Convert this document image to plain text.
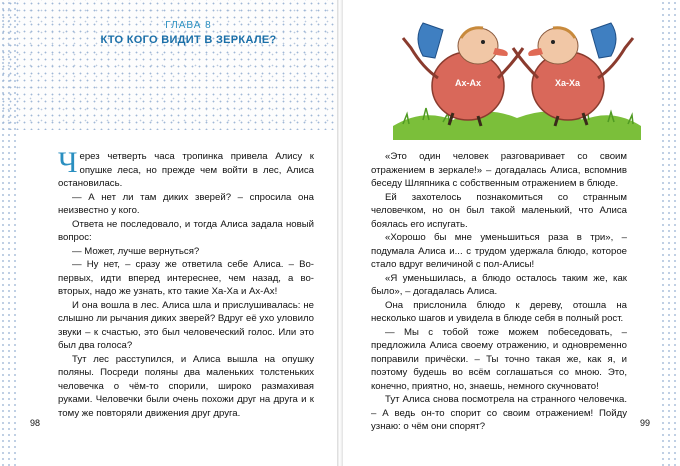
ГЛАВА 8
КТО КОГО ВИДИТ В ЗЕРКАЛЕ?

Через четверть часа тропинка привела Алису к опушке леса, но прежде чем войти в лес, Алиса остановилась.

— А нет ли там диких зверей? – спросила она неизвестно у кого.

Ответа не последовало, и тогда Алиса задала новый вопрос:

— Может, лучше вернуться?

— Ну нет, – сразу же ответила себе Алиса. – Во-первых, идти вперед интереснее, чем назад, а во-вторых, надо же узнать, кто такие Ха-Ха и Ах-Ах!

И она вошла в лес. Алиса шла и прислушивалась: не слышно ли рычания диких зверей? Вдруг её ухо уловило звуки – к счастью, это был человеческий голос. Или это был два голоса?

Тут лес расступился, и Алиса вышла на опушку поляны. Посреди поляны два маленьких толстеньких человечка о чём-то спорили, широко размахивая руками. Человечки были очень похожи друг на друга и к тому же повторяли движения друг друга.

98
Ах-Ах	Ха-Ха

«Это один человек разговаривает со своим отражением в зеркале!» – догадалась Алиса, вспомнив беседу Шляпника с собственным отражением в блюде.

Ей захотелось познакомиться со странным человечком, но он был такой маленький, что Алиса боялась его испугать.

«Хорошо бы мне уменьшиться раза в три», – подумала Алиса и... с трудом удержала блюдо, которое стало вдруг величиной с пол-Алисы!

«Я уменьшилась, а блюдо осталось таким же, как было», – догадалась Алиса.

Она прислонила блюдо к дереву, отошла на несколько шагов и увидела в блюде себя в полный рост.

— Мы с тобой тоже можем побеседовать, – предложила Алиса своему отражению, и одновременно поправили причёски. – Ты точно такая же, как я, и поэтому будешь во всём соглашаться со мною. Это, конечно, приятно, но, знаешь, немного скучновато!

Тут Алиса снова посмотрела на странного человечка. – А ведь он-то спорит со своим отражением! Пойду узнаю: о чём они спорят?	99
